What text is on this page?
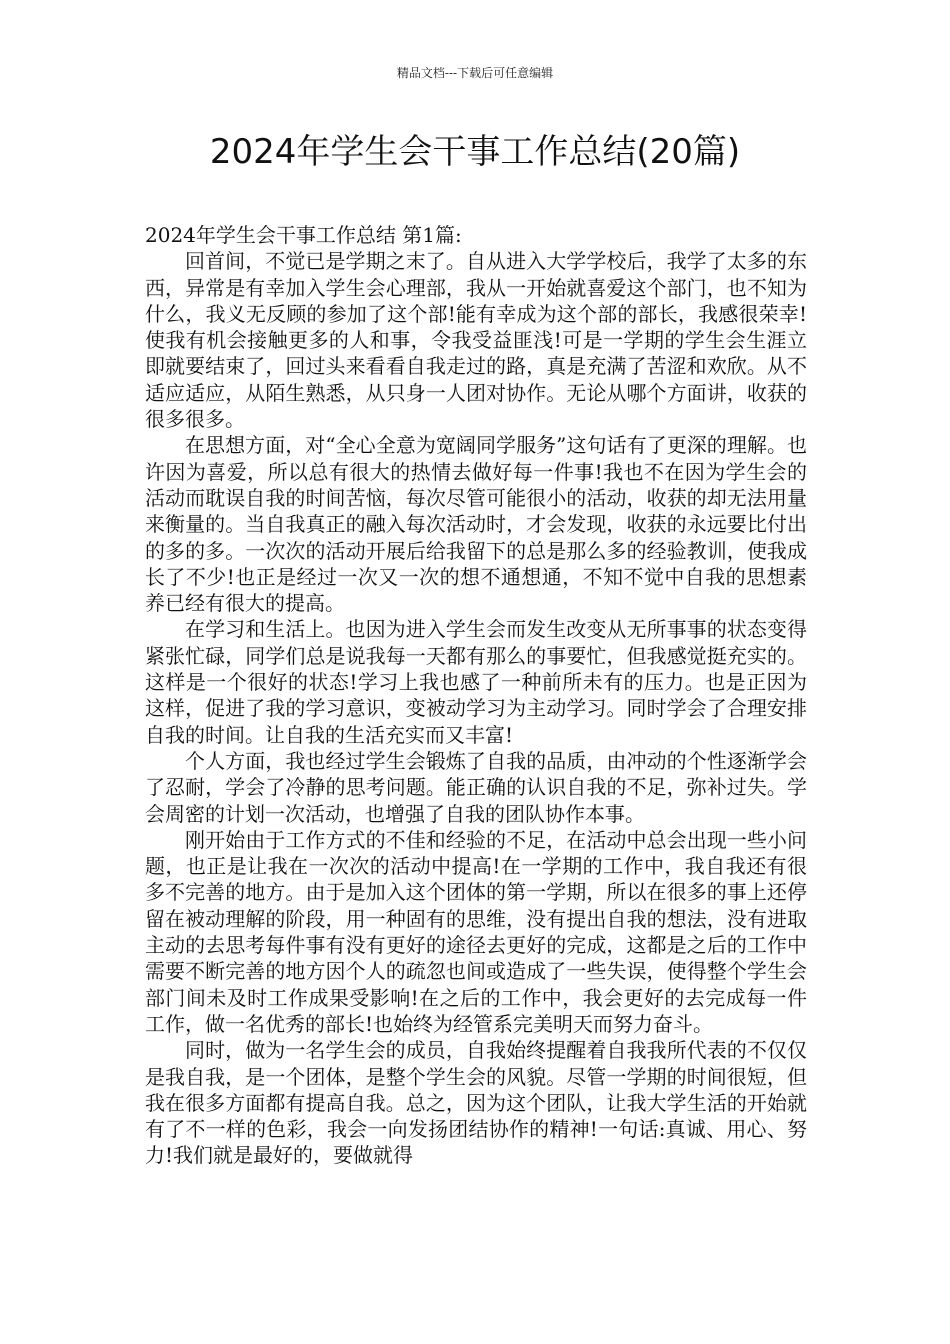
精品文档---下载后可任意编辑
2024年学生会干事工作总结(20篇)

2024年学生会干事工作总结 第1篇:

回首间，不觉已是学期之末了。自从进入大学学校后，我学了太多的东西，异常是有幸加入学生会心理部，我从一开始就喜爱这个部门，也不知为什么，我义无反顾的参加了这个部!能有幸成为这个部的部长，我感很荣幸!使我有机会接触更多的人和事，令我受益匪浅!可是一学期的学生会生涯立即就要结束了，回过头来看看自我走过的路，真是充满了苦涩和欢欣。从不适应适应，从陌生熟悉，从只身一人团对协作。无论从哪个方面讲，收获的很多很多。

在思想方面，对“全心全意为宽阔同学服务”这句话有了更深的理解。也许因为喜爱，所以总有很大的热情去做好每一件事!我也不在因为学生会的活动而耽误自我的时间苦恼，每次尽管可能很小的活动，收获的却无法用量来衡量的。当自我真正的融入每次活动时，才会发现，收获的永远要比付出的多的多。一次次的活动开展后给我留下的总是那么多的经验教训，使我成长了不少!也正是经过一次又一次的想不通想通，不知不觉中自我的思想素养已经有很大的提高。

在学习和生活上。也因为进入学生会而发生改变从无所事事的状态变得紧张忙碌，同学们总是说我每一天都有那么的事要忙，但我感觉挺充实的。这样是一个很好的状态!学习上我也感了一种前所未有的压力。也是正因为这样，促进了我的学习意识，变被动学习为主动学习。同时学会了合理安排自我的时间。让自我的生活充实而又丰富!

个人方面，我也经过学生会锻炼了自我的品质，由冲动的个性逐渐学会了忍耐，学会了冷静的思考问题。能正确的认识自我的不足，弥补过失。学会周密的计划一次活动，也增强了自我的团队协作本事。

刚开始由于工作方式的不佳和经验的不足，在活动中总会出现一些小问题，也正是让我在一次次的活动中提高!在一学期的工作中，我自我还有很多不完善的地方。由于是加入这个团体的第一学期，所以在很多的事上还停留在被动理解的阶段，用一种固有的思维，没有提出自我的想法，没有进取主动的去思考每件事有没有更好的途径去更好的完成，这都是之后的工作中需要不断完善的地方因个人的疏忽也间或造成了一些失误，使得整个学生会部门间未及时工作成果受影响!在之后的工作中，我会更好的去完成每一件工作，做一名优秀的部长!也始终为经管系完美明天而努力奋斗。

同时，做为一名学生会的成员，自我始终提醒着自我我所代表的不仅仅是我自我，是一个团体，是整个学生会的风貌。尽管一学期的时间很短，但我在很多方面都有提高自我。总之，因为这个团队，让我大学生活的开始就有了不一样的色彩，我会一向发扬团结协作的精神!一句话:真诚、用心、努力!我们就是最好的，要做就得
